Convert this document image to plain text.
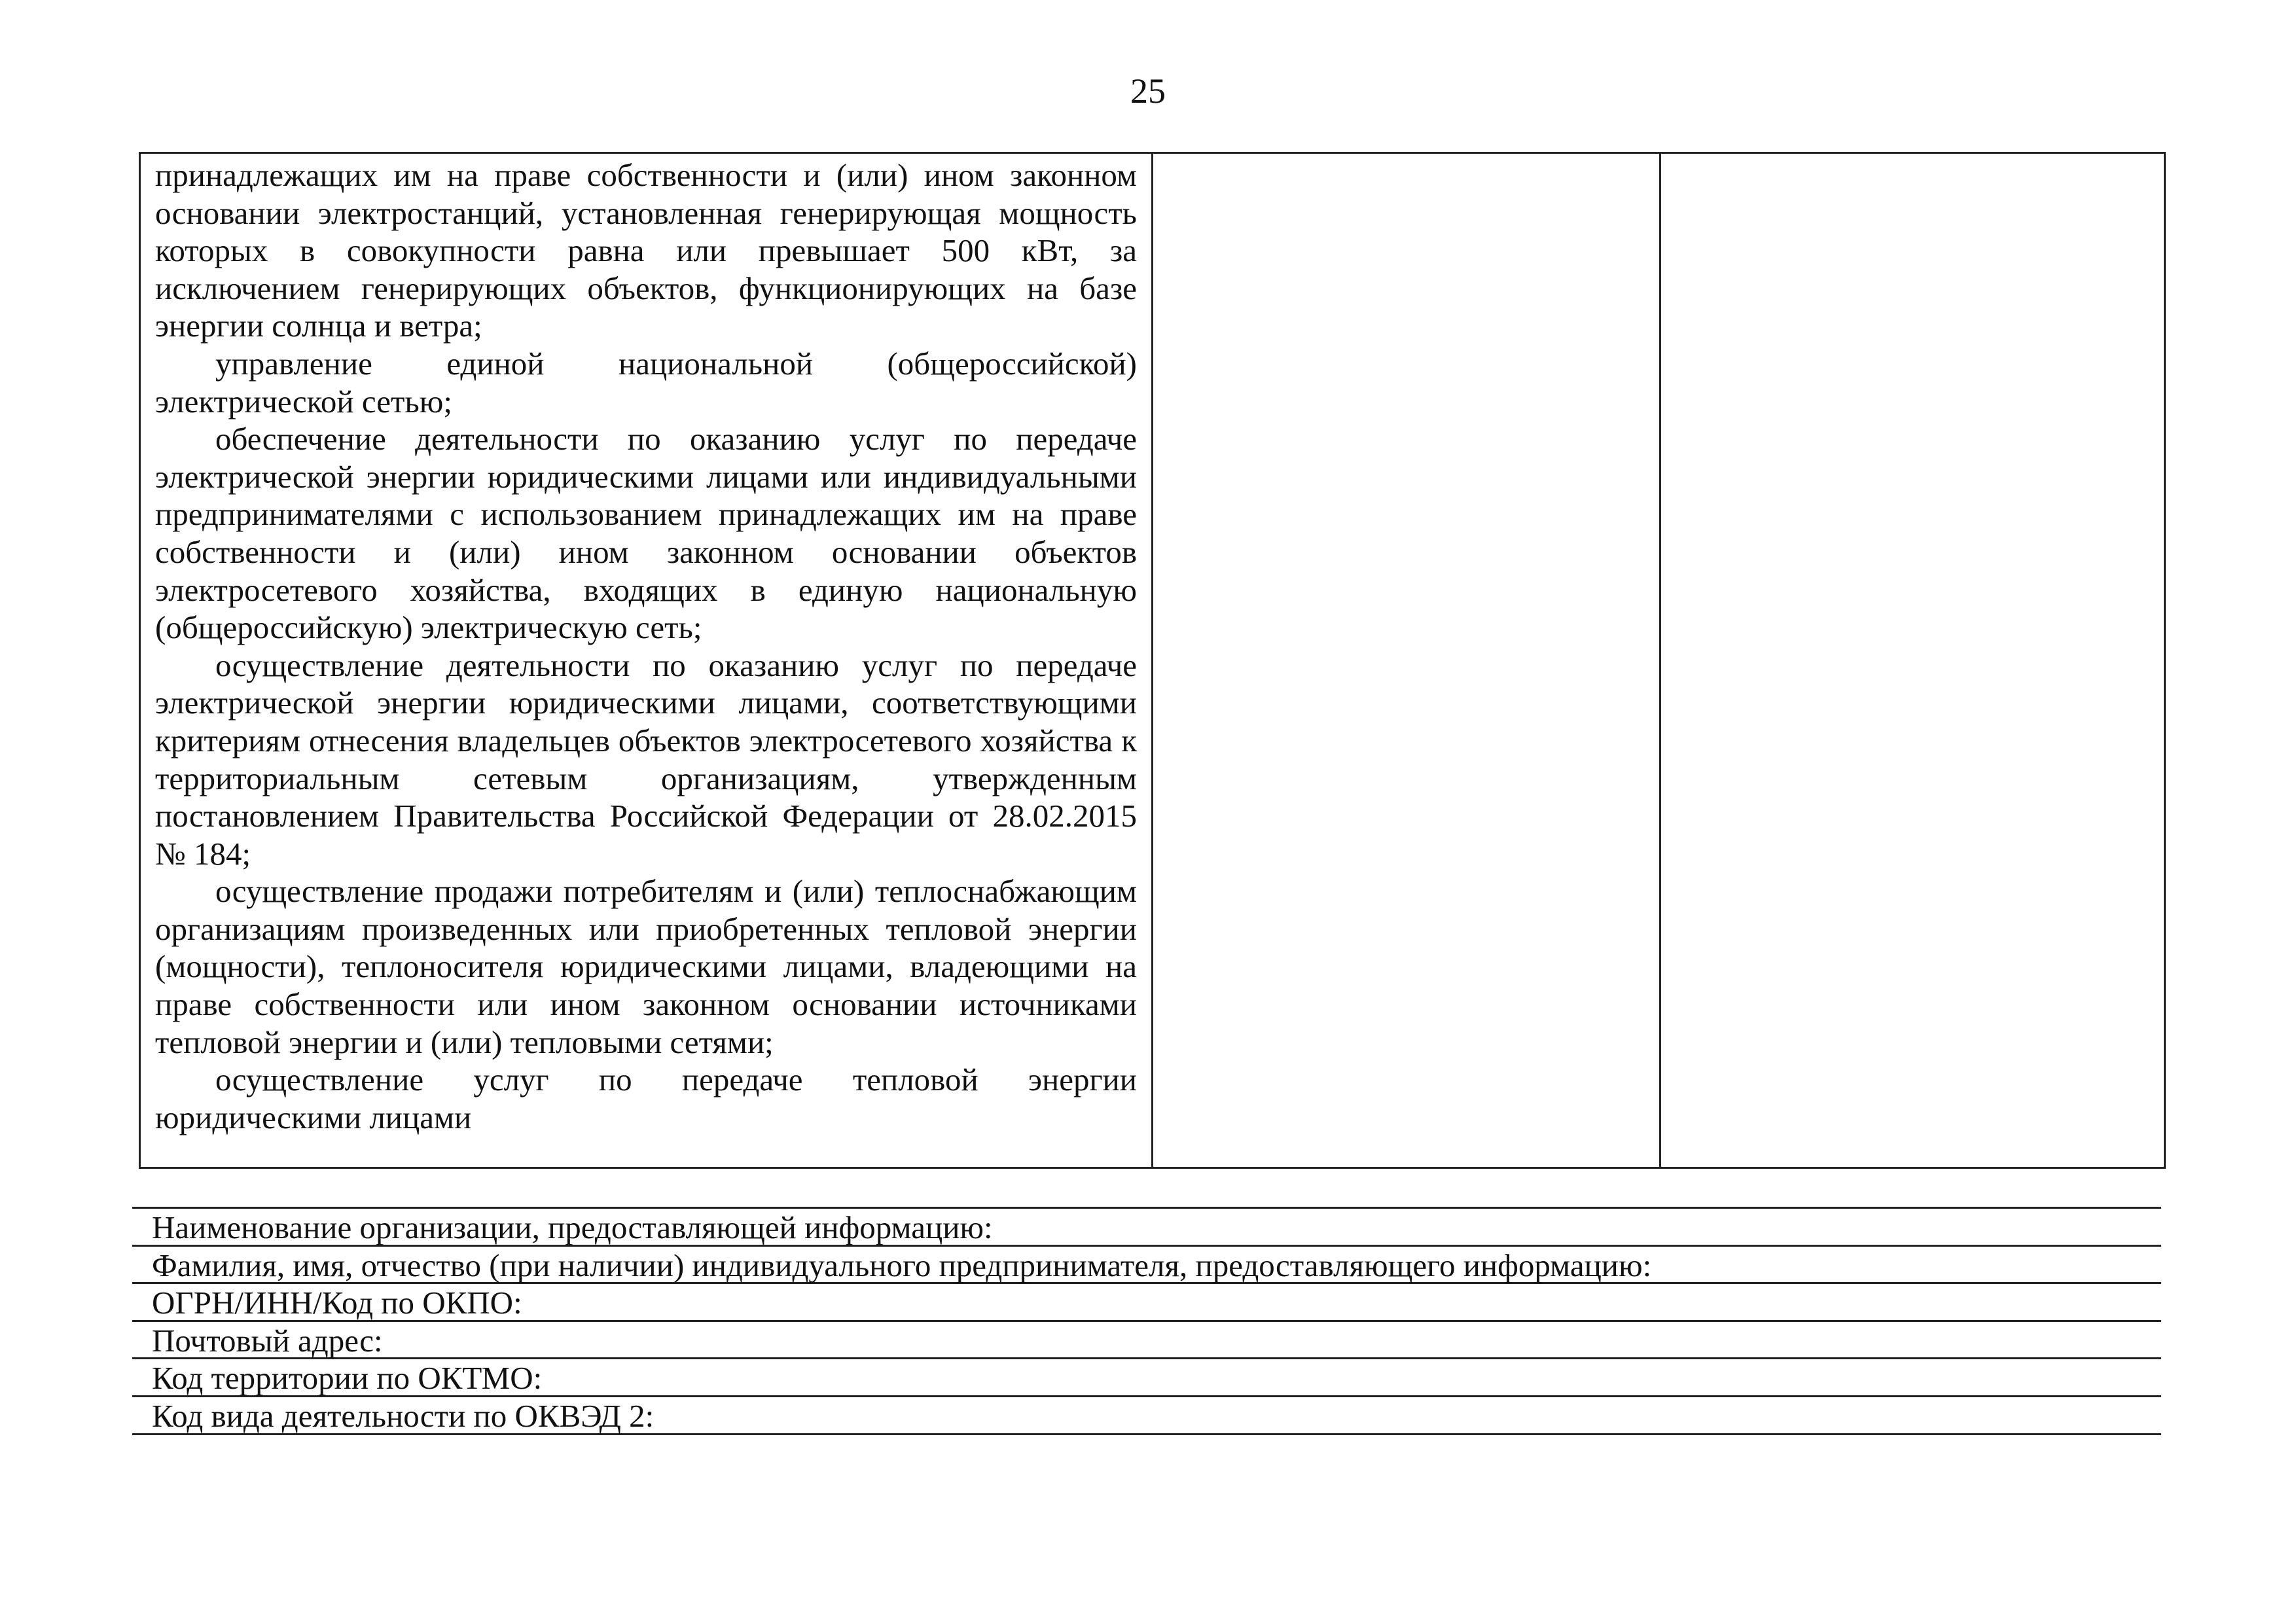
25

принадлежащих им на праве собственности и (или) ином законном основании электростанций, установленная генерирующая мощность которых в совокупности равна или превышает 500 кВт, за исключением генерирующих объектов, функционирующих на базе энергии солнца и ветра;

управление единой национальной (общероссийской) электрической сетью;

обеспечение деятельности по оказанию услуг по передаче электрической энергии юридическими лицами или индивидуальными предпринимателями с использованием принадлежащих им на праве собственности и (или) ином законном основании объектов электросетевого хозяйства, входящих в единую национальную (общероссийскую) электрическую сеть;

осуществление деятельности по оказанию услуг по передаче электрической энергии юридическими лицами, соответствующими критериям отнесения владельцев объектов электросетевого хозяйства к территориальным сетевым организациям, утвержденным постановлением Правительства Российской Федерации от 28.02.2015 № 184;

осуществление продажи потребителям и (или) теплоснабжающим организациям произведенных или приобретенных тепловой энергии (мощности), теплоносителя юридическими лицами, владеющими на праве собственности или ином законном основании источниками тепловой энергии и (или) тепловыми сетями;

осуществление услуг по передаче тепловой энергии юридическими лицами

Наименование организации, предоставляющей информацию:
Фамилия, имя, отчество (при наличии) индивидуального предпринимателя, предоставляющего информацию:
ОГРН/ИНН/Код по ОКПО:
Почтовый адрес:
Код территории по ОКТМО:
Код вида деятельности по ОКВЭД 2:
